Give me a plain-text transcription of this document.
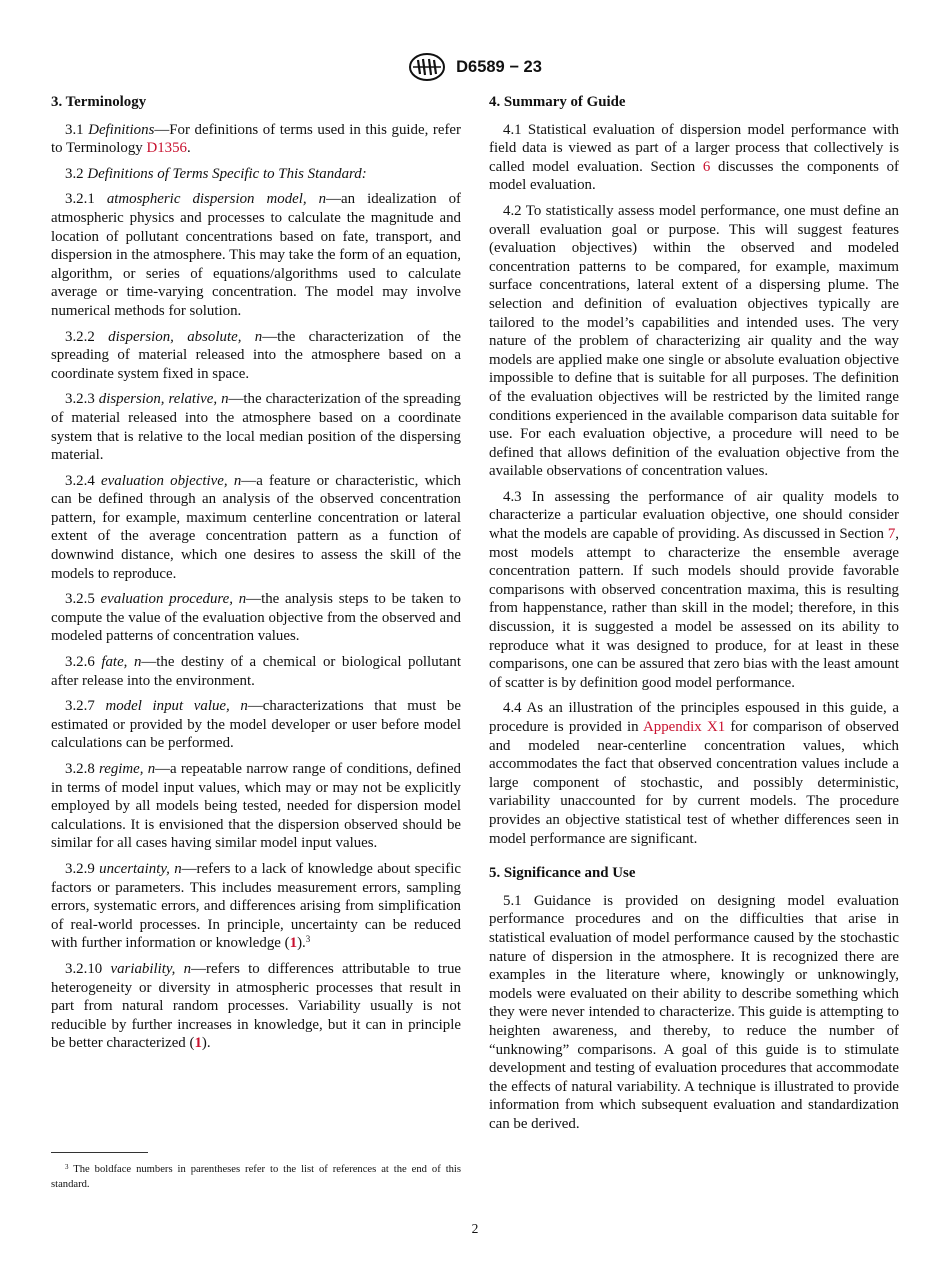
D6589 − 23
3. Terminology

3.1 Definitions—For definitions of terms used in this guide, refer to Terminology D1356.

3.2 Definitions of Terms Specific to This Standard:

3.2.1 atmospheric dispersion model, n—an idealization of atmospheric physics and processes to calculate the magnitude and location of pollutant concentrations based on fate, transport, and dispersion in the atmosphere. This may take the form of an equation, algorithm, or series of equations/algorithms used to calculate average or time-varying concentration. The model may involve numerical methods for solution.

3.2.2 dispersion, absolute, n—the characterization of the spreading of material released into the atmosphere based on a coordinate system fixed in space.

3.2.3 dispersion, relative, n—the characterization of the spreading of material released into the atmosphere based on a coordinate system that is relative to the local median position of the dispersing material.

3.2.4 evaluation objective, n—a feature or characteristic, which can be defined through an analysis of the observed concentration pattern, for example, maximum centerline concentration or lateral extent of the average concentration pattern as a function of downwind distance, which one desires to assess the skill of the models to reproduce.

3.2.5 evaluation procedure, n—the analysis steps to be taken to compute the value of the evaluation objective from the observed and modeled patterns of concentration values.

3.2.6 fate, n—the destiny of a chemical or biological pollutant after release into the environment.

3.2.7 model input value, n—characterizations that must be estimated or provided by the model developer or user before model calculations can be performed.

3.2.8 regime, n—a repeatable narrow range of conditions, defined in terms of model input values, which may or may not be explicitly employed by all models being tested, needed for dispersion model calculations. It is envisioned that the dispersion observed should be similar for all cases having similar model input values.

3.2.9 uncertainty, n—refers to a lack of knowledge about specific factors or parameters. This includes measurement errors, sampling errors, systematic errors, and differences arising from simplification of real-world processes. In principle, uncertainty can be reduced with further information or knowledge (1).$^3$

3.2.10 variability, n—refers to differences attributable to true heterogeneity or diversity in atmospheric processes that result in part from natural random processes. Variability usually is not reducible by further increases in knowledge, but it can in principle be better characterized (1).

$^3$ The boldface numbers in parentheses refer to the list of references at the end of this standard.
4. Summary of Guide

4.1 Statistical evaluation of dispersion model performance with field data is viewed as part of a larger process that collectively is called model evaluation. Section 6 discusses the components of model evaluation.

4.2 To statistically assess model performance, one must define an overall evaluation goal or purpose. This will suggest features (evaluation objectives) within the observed and modeled concentration patterns to be compared, for example, maximum surface concentrations, lateral extent of a dispersing plume. The selection and definition of evaluation objectives typically are tailored to the model’s capabilities and intended uses. The very nature of the problem of characterizing air quality and the way models are applied make one single or absolute evaluation objective impossible to define that is suitable for all purposes. The definition of the evaluation objectives will be restricted by the limited range conditions experienced in the available comparison data suitable for use. For each evaluation objective, a procedure will need to be defined that allows definition of the evaluation objective from the available observations of concentration values.

4.3 In assessing the performance of air quality models to characterize a particular evaluation objective, one should consider what the models are capable of providing. As discussed in Section 7, most models attempt to characterize the ensemble average concentration pattern. If such models should provide favorable comparisons with observed concentration maxima, this is resulting from happenstance, rather than skill in the model; therefore, in this discussion, it is suggested a model be assessed on its ability to reproduce what it was designed to produce, for at least in these comparisons, one can be assured that zero bias with the least amount of scatter is by definition good model performance.

4.4 As an illustration of the principles espoused in this guide, a procedure is provided in Appendix X1 for comparison of observed and modeled near-centerline concentration values, which accommodates the fact that observed concentration values include a large component of stochastic, and possibly deterministic, variability unaccounted for by current models. The procedure provides an objective statistical test of whether differences seen in model performance are significant.

5. Significance and Use

5.1 Guidance is provided on designing model evaluation performance procedures and on the difficulties that arise in statistical evaluation of model performance caused by the stochastic nature of dispersion in the atmosphere. It is recognized there are examples in the literature where, knowingly or unknowingly, models were evaluated on their ability to describe something which they were never intended to characterize. This guide is attempting to heighten awareness, and thereby, to reduce the number of “unknowing” comparisons. A goal of this guide is to stimulate development and testing of evaluation procedures that accommodate the effects of natural variability. A technique is illustrated to provide information from which subsequent evaluation and standardization can be derived.

2
